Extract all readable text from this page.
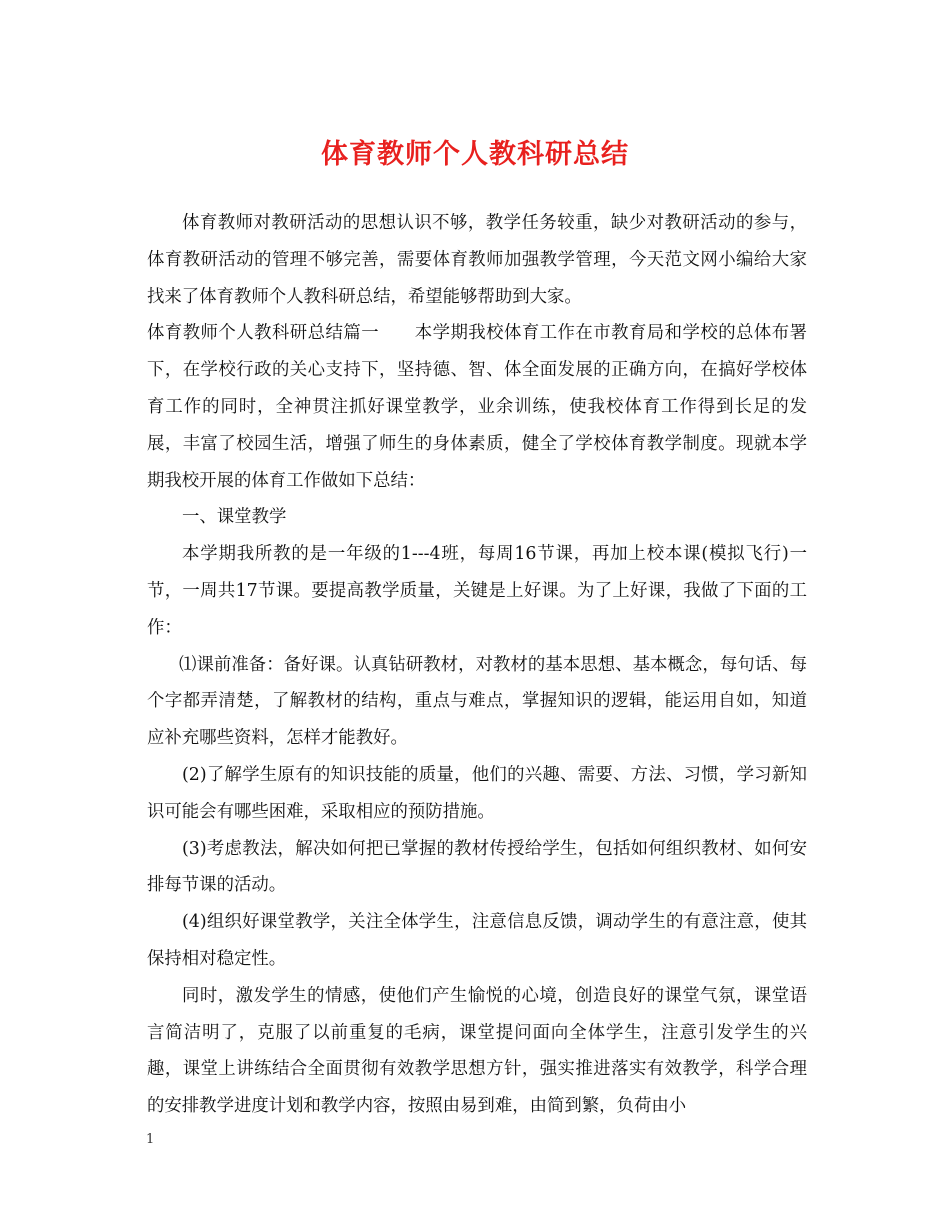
体育教师个人教科研总结

体育教师对教研活动的思想认识不够，教学任务较重，缺少对教研活动的参与，体育教研活动的管理不够完善，需要体育教师加强教学管理，今天范文网小编给大家找来了体育教师个人教科研总结，希望能够帮助到大家。

体育教师个人教科研总结篇一　　本学期我校体育工作在市教育局和学校的总体布署下，在学校行政的关心支持下，坚持德、智、体全面发展的正确方向，在搞好学校体育工作的同时，全神贯注抓好课堂教学，业余训练，使我校体育工作得到长足的发展，丰富了校园生活，增强了师生的身体素质，健全了学校体育教学制度。现就本学期我校开展的体育工作做如下总结：

一、课堂教学

本学期我所教的是一年级的1---4班，每周16节课，再加上校本课(模拟飞行)一节，一周共17节课。要提高教学质量，关键是上好课。为了上好课，我做了下面的工作：

⑴课前准备：备好课。认真钻研教材，对教材的基本思想、基本概念，每句话、每个字都弄清楚，了解教材的结构，重点与难点，掌握知识的逻辑，能运用自如，知道应补充哪些资料，怎样才能教好。

(2)了解学生原有的知识技能的质量，他们的兴趣、需要、方法、习惯，学习新知识可能会有哪些困难，采取相应的预防措施。

(3)考虑教法，解决如何把已掌握的教材传授给学生，包括如何组织教材、如何安排每节课的活动。

(4)组织好课堂教学，关注全体学生，注意信息反馈，调动学生的有意注意，使其保持相对稳定性。

同时，激发学生的情感，使他们产生愉悦的心境，创造良好的课堂气氛，课堂语言简洁明了，克服了以前重复的毛病，课堂提问面向全体学生，注意引发学生的兴趣，课堂上讲练结合全面贯彻有效教学思想方针，强实推进落实有效教学，科学合理的安排教学进度计划和教学内容，按照由易到难，由简到繁，负荷由小

1
